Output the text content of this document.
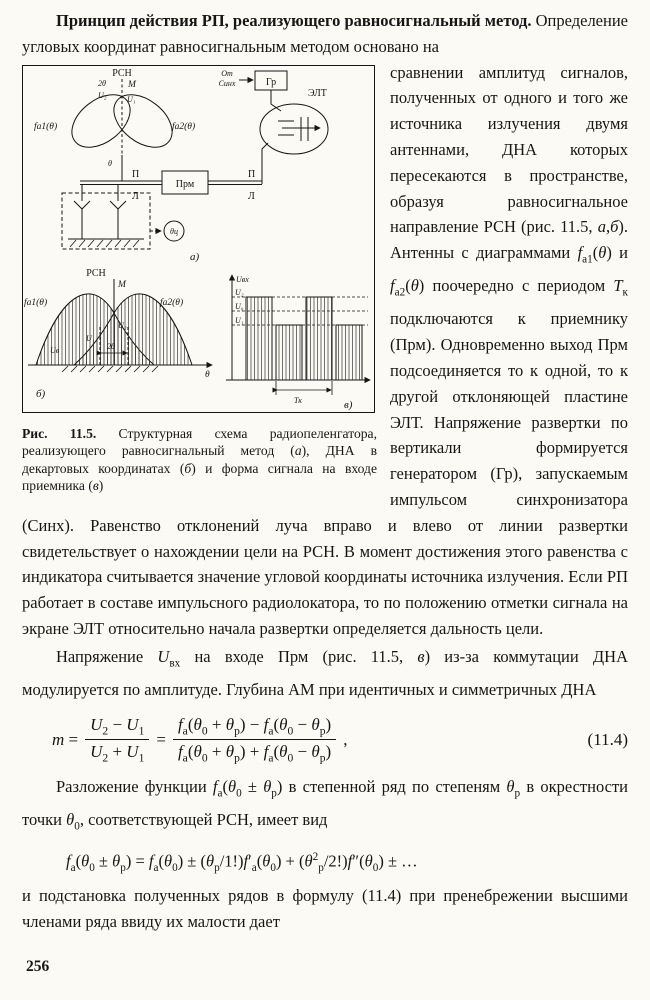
Принцип действия РП, реализующего равносигнальный метод. Определение угловых координат равносигнальным методом основано на

РСН
М
2θ
U₂	U₁
fа1(θ)	fа2(θ)
θ
Прм
П	П
Л	Л
Гр
От
Синх
ЭЛТ
θц
а)
РСН
М
fа1(θ)	fа2(θ)
U₂
U₁
Uв	2θ
θ
б)
Uвх
U₂
U₀
U₁
Тк	в)
Рис. 11.5. Структурная схема радиопеленгатора, реализующего равносигнальный метод (а), ДНА в декартовых координатах (б) и форма сигнала на входе приемника (в)

сравнении амплитуд сигналов, полученных от одного и того же источника излучения двумя антеннами, ДНА которых пересекаются в пространстве, образуя равносигнальное направление РСН (рис. 11.5, а,б). Антенны с диаграммами $f_{а1}(\theta)$ и $f_{а2}(\theta)$ поочередно с периодом $Т_к$ подключаются к приемнику (Прм). Одновременно выход Прм подсоединяется то к одной, то к другой отклоняющей пластине ЭЛТ. Напряжение развертки по вертикали формируется генератором (Гр), запускаемым импульсом синхронизатора (Синх). Равенство отклонений луча вправо и влево от линии развертки свидетельствует о нахождении цели на РСН. В момент достижения этого равенства с индикатора считывается значение угловой координаты источника излучения. Если РП работает в составе импульсного радиолокатора, то по положению отметки сигнала на экране ЭЛТ относительно начала развертки определяется дальность цели.

Напряжение $U_{вх}$ на входе Прм (рис. 11.5, в) из-за коммутации ДНА модулируется по амплитуде. Глубина АМ при идентичных и симметричных ДНА

$m = \frac{U_2 - U_1}{U_2 + U_1} = \frac{f_а(\theta_0 + \theta_р) - f_а(\theta_0 - \theta_р)}{f_а(\theta_0 + \theta_р) + f_а(\theta_0 - \theta_р)}$ ,	(11.4)

Разложение функции $f_а(\theta_0 \pm \theta_р)$ в степенной ряд по степеням $\theta_р$ в окрестности точки $\theta_0$, соответствующей РСН, имеет вид

$f_а(\theta_0 \pm \theta_р) = f_а(\theta_0) \pm (\theta_р/1!)f'_а(\theta_0) + (\theta^2_р/2!)f''(\theta_0)$ ± …

и подстановка полученных рядов в формулу (11.4) при пренебрежении высшими членами ряда ввиду их малости дает

256
